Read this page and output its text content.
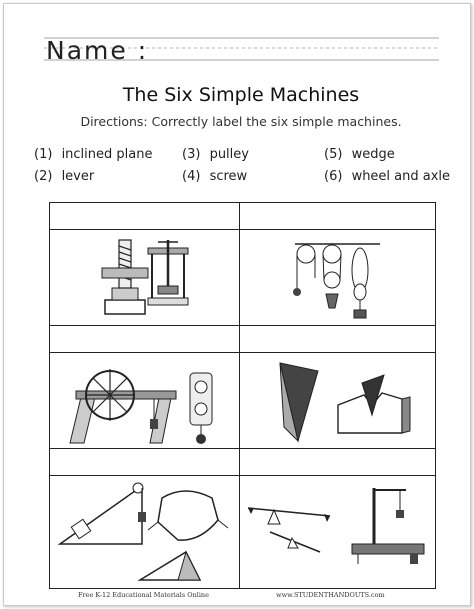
Name :
The Six Simple Machines
Directions: Correctly label the six simple machines.
(1) inclined plane
(2) lever
(3) pulley
(4) screw
(5) wedge
(6) wheel and axle
Free K-12 Educational Materials Online	www.STUDENTHANDOUTS.com
